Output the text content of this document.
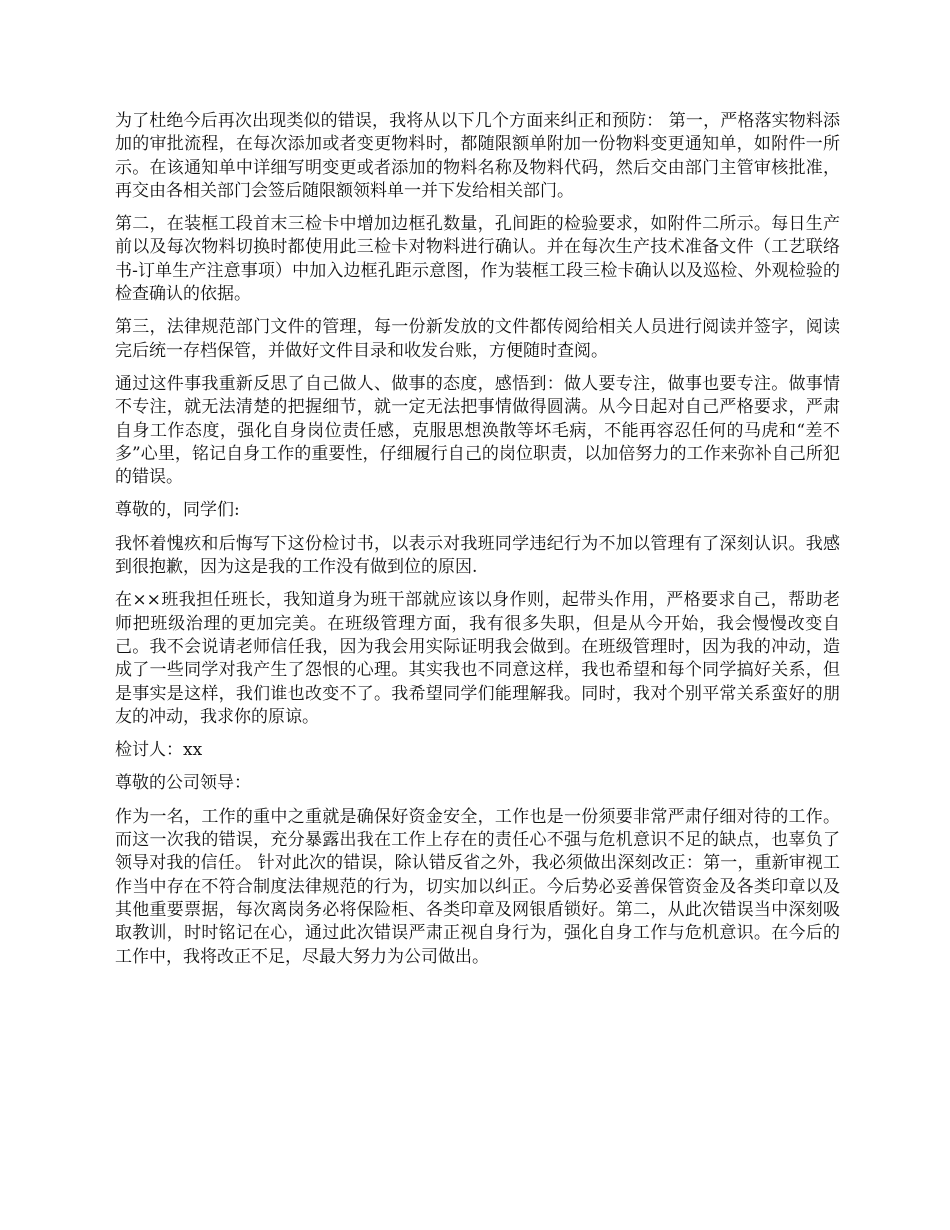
为了杜绝今后再次出现类似的错误，我将从以下几个方面来纠正和预防： 第一，严格落实物料添加的审批流程，在每次添加或者变更物料时，都随限额单附加一份物料变更通知单，如附件一所示。在该通知单中详细写明变更或者添加的物料名称及物料代码，然后交由部门主管审核批准，再交由各相关部门会签后随限额领料单一并下发给相关部门。

第二，在装框工段首末三检卡中增加边框孔数量，孔间距的检验要求，如附件二所示。每日生产前以及每次物料切换时都使用此三检卡对物料进行确认。并在每次生产技术准备文件（工艺联络书-订单生产注意事项）中加入边框孔距示意图，作为装框工段三检卡确认以及巡检、外观检验的检查确认的依据。

第三，法律规范部门文件的管理，每一份新发放的文件都传阅给相关人员进行阅读并签字，阅读完后统一存档保管，并做好文件目录和收发台账，方便随时查阅。

通过这件事我重新反思了自己做人、做事的态度，感悟到：做人要专注，做事也要专注。做事情不专注，就无法清楚的把握细节，就一定无法把事情做得圆满。从今日起对自己严格要求，严肃自身工作态度，强化自身岗位责任感，克服思想涣散等坏毛病，不能再容忍任何的马虎和“差不多”心里，铭记自身工作的重要性，仔细履行自己的岗位职责，以加倍努力的工作来弥补自己所犯的错误。

尊敬的，同学们:

我怀着愧疚和后悔写下这份检讨书，以表示对我班同学违纪行为不加以管理有了深刻认识。我感到很抱歉，因为这是我的工作没有做到位的原因.

在××班我担任班长，我知道身为班干部就应该以身作则，起带头作用，严格要求自己，帮助老师把班级治理的更加完美。在班级管理方面，我有很多失职，但是从今开始，我会慢慢改变自己。我不会说请老师信任我，因为我会用实际证明我会做到。在班级管理时，因为我的冲动，造成了一些同学对我产生了怨恨的心理。其实我也不同意这样，我也希望和每个同学搞好关系，但是事实是这样，我们谁也改变不了。我希望同学们能理解我。同时，我对个别平常关系蛮好的朋友的冲动，我求你的原谅。

检讨人：xx

尊敬的公司领导：

作为一名，工作的重中之重就是确保好资金安全，工作也是一份须要非常严肃仔细对待的工作。而这一次我的错误，充分暴露出我在工作上存在的责任心不强与危机意识不足的缺点，也辜负了领导对我的信任。 针对此次的错误，除认错反省之外，我必须做出深刻改正：第一，重新审视工作当中存在不符合制度法律规范的行为，切实加以纠正。今后势必妥善保管资金及各类印章以及其他重要票据，每次离岗务必将保险柜、各类印章及网银盾锁好。第二，从此次错误当中深刻吸取教训，时时铭记在心，通过此次错误严肃正视自身行为，强化自身工作与危机意识。在今后的工作中，我将改正不足，尽最大努力为公司做出。
